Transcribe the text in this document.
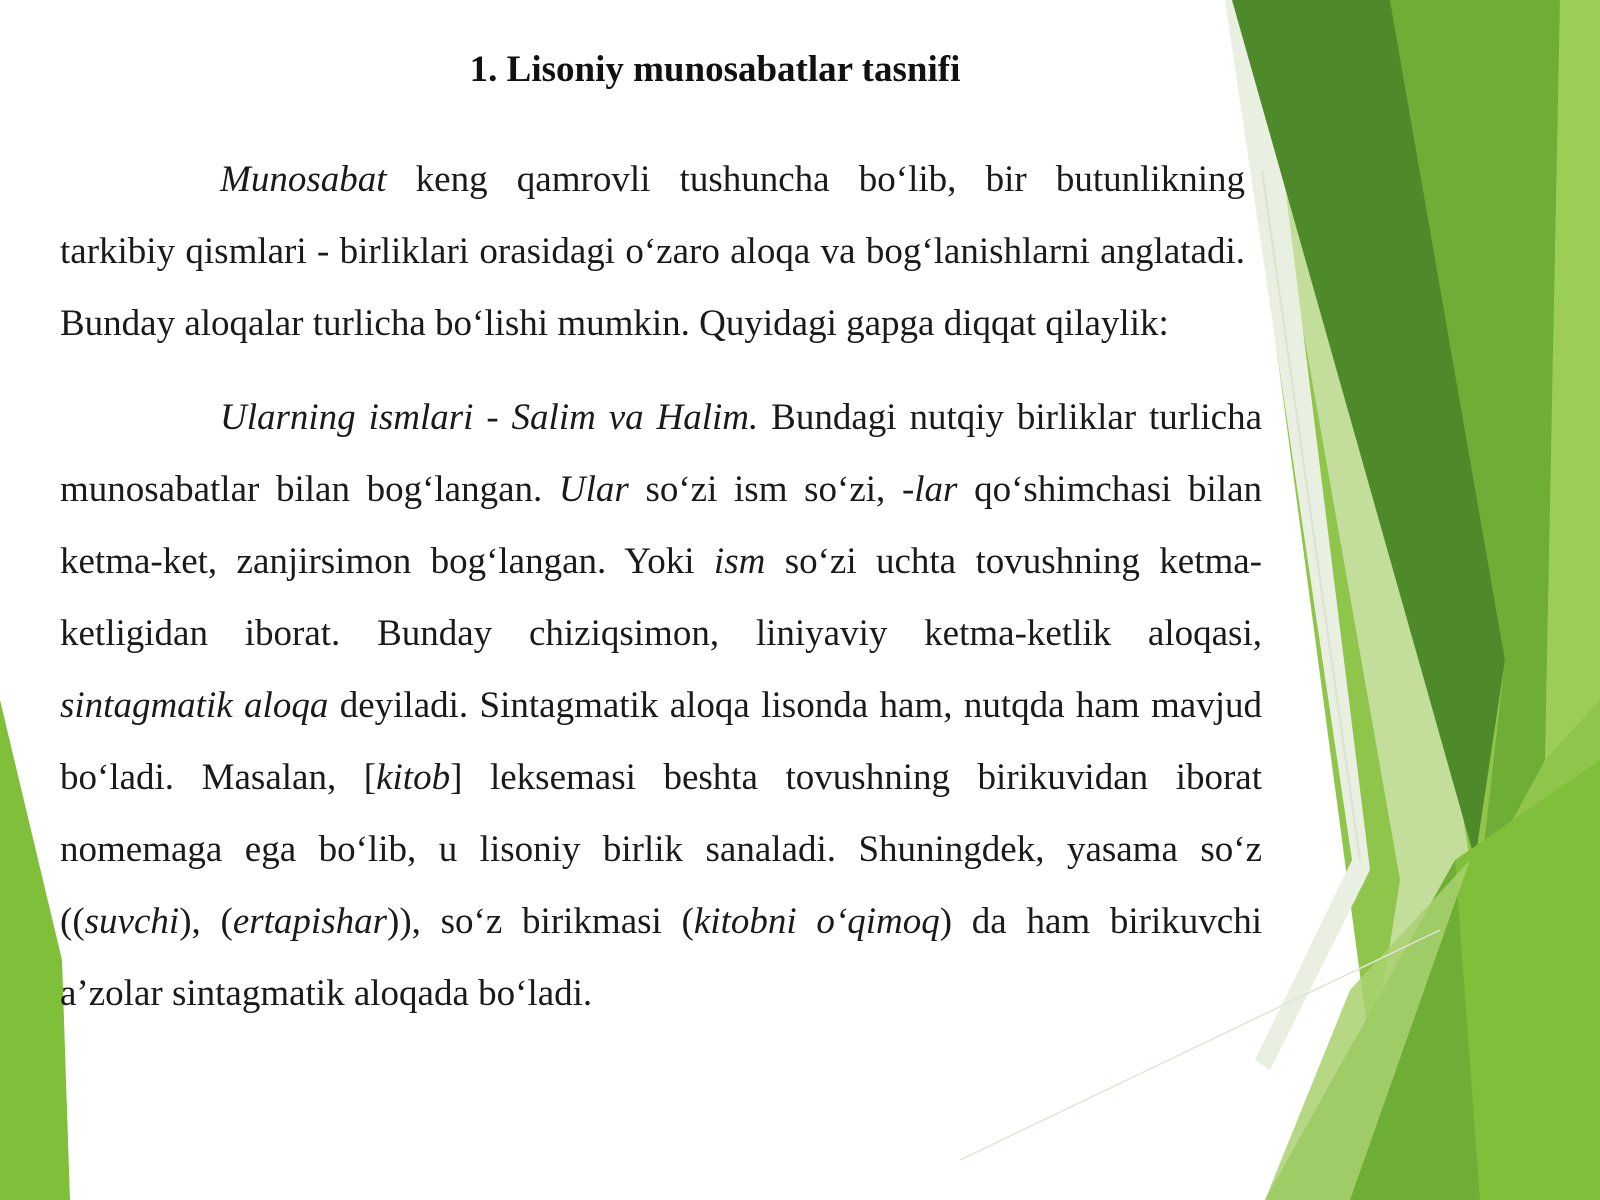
1. Lisoniy munosabatlar tasnifi

Munosabat keng qamrovli tushuncha boʻlib, bir butunlikning tarkibiy qismlari - birliklari orasidagi oʻzaro aloqa va bogʻlanishlarni anglatadi. Bunday aloqalar turlicha boʻlishi mumkin. Quyidagi gapga diqqat qilaylik:

Ularning ismlari - Salim va Halim. Bundagi nutqiy birliklar turlicha munosabatlar bilan bogʻlangan. Ular soʻzi ism soʻzi, -lar qoʻshimchasi bilan ketma-ket, zanjirsimon bogʻlangan. Yoki ism soʻzi uchta tovushning ketma-ketligidan iborat. Bunday chiziqsimon, liniyaviy ketma-ketlik aloqasi, sintagmatik aloqa deyiladi. Sintagmatik aloqa lisonda ham, nutqda ham mavjud boʻladi. Masalan, [kitob] leksemasi beshta tovushning birikuvidan iborat nomemaga ega boʻlib, u lisoniy birlik sanaladi. Shuningdek, yasama soʻz ((suvchi), (ertapishar)), soʻz birikmasi (kitobni oʻqimoq) da ham birikuvchi a’zolar sintagmatik aloqada boʻladi.
